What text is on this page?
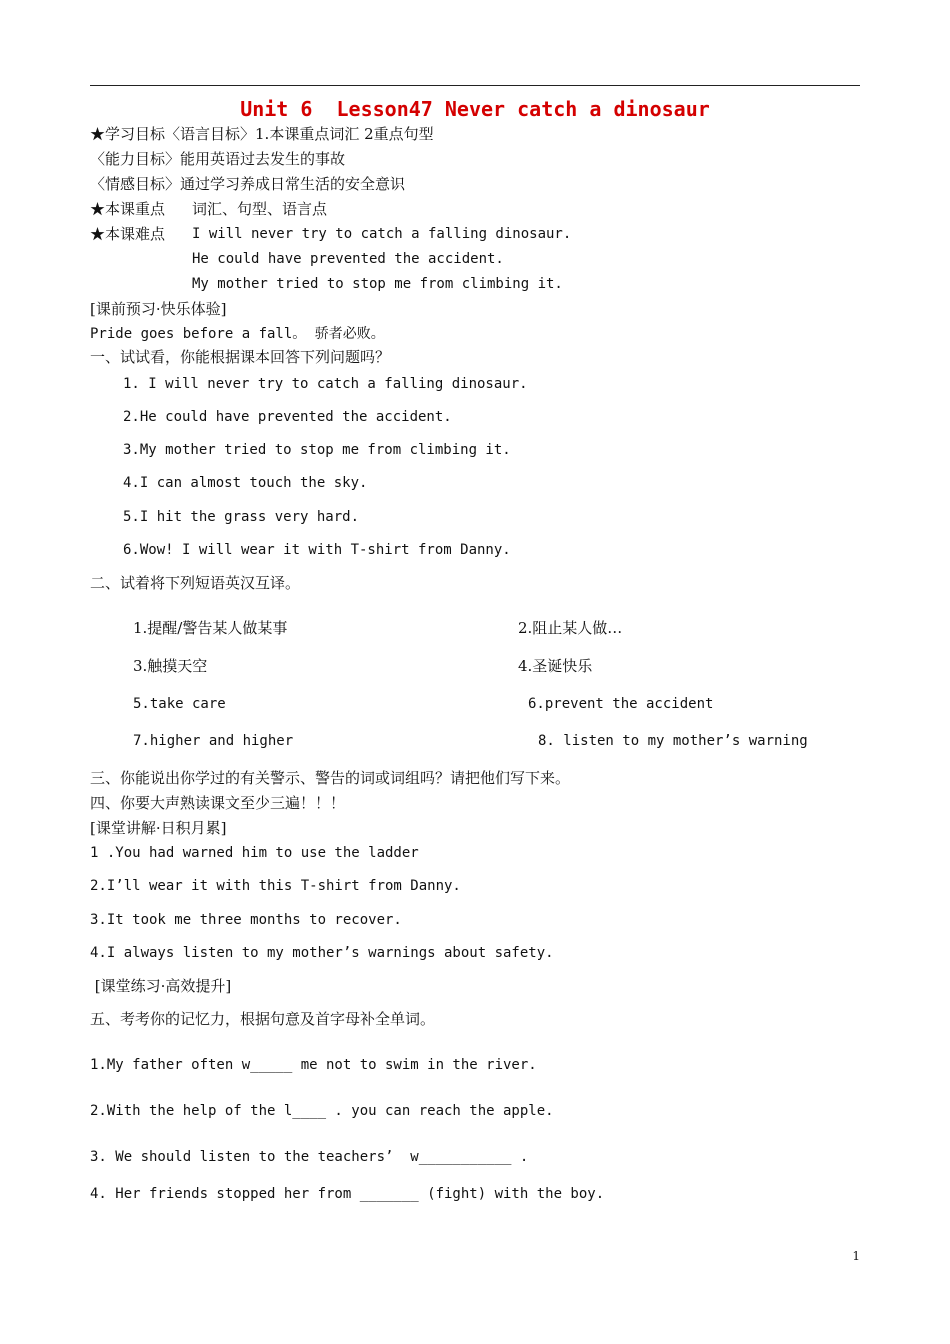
Unit 6  Lesson47 Never catch a dinosaur
★学习目标〈语言目标〉1.本课重点词汇 2重点句型
〈能力目标〉能用英语过去发生的事故
〈情感目标〉通过学习养成日常生活的安全意识
★本课重点 词汇、句型、语言点
★本课难点 I will never try to catch a falling dinosaur.
He could have prevented the accident.
My mother tried to stop me from climbing it.
[课前预习·快乐体验]
Pride goes before a fall。 骄者必败。
一、试试看，你能根据课本回答下列问题吗？
1. I will never try to catch a falling dinosaur.
2.He could have prevented the accident.
3.My mother tried to stop me from climbing it.
4.I can almost touch the sky.
5.I hit the grass very hard.
6.Wow! I will wear it with T-shirt from Danny.
二、试着将下列短语英汉互译。
1.提醒/警告某人做某事	2.阻止某人做…
3.触摸天空	4.圣诞快乐
5.take care	6.prevent the accident
7.higher and higher	8. listen to my mother’s warning
三、你能说出你学过的有关警示、警告的词或词组吗？请把他们写下来。
四、你要大声熟读课文至少三遍！！！
[课堂讲解·日积月累]
1 .You had warned him to use the ladder
2.I’ll wear it with this T-shirt from Danny.
3.It took me three months to recover.
4.I always listen to my mother’s warnings about safety.
[课堂练习·高效提升]
五、考考你的记忆力，根据句意及首字母补全单词。
1.My father often w_____ me not to swim in the river.
2.With the help of the l____ . you can reach the apple.
3. We should listen to the teachers’  w___________ .
4. Her friends stopped her from _______ (fight) with the boy.
1
